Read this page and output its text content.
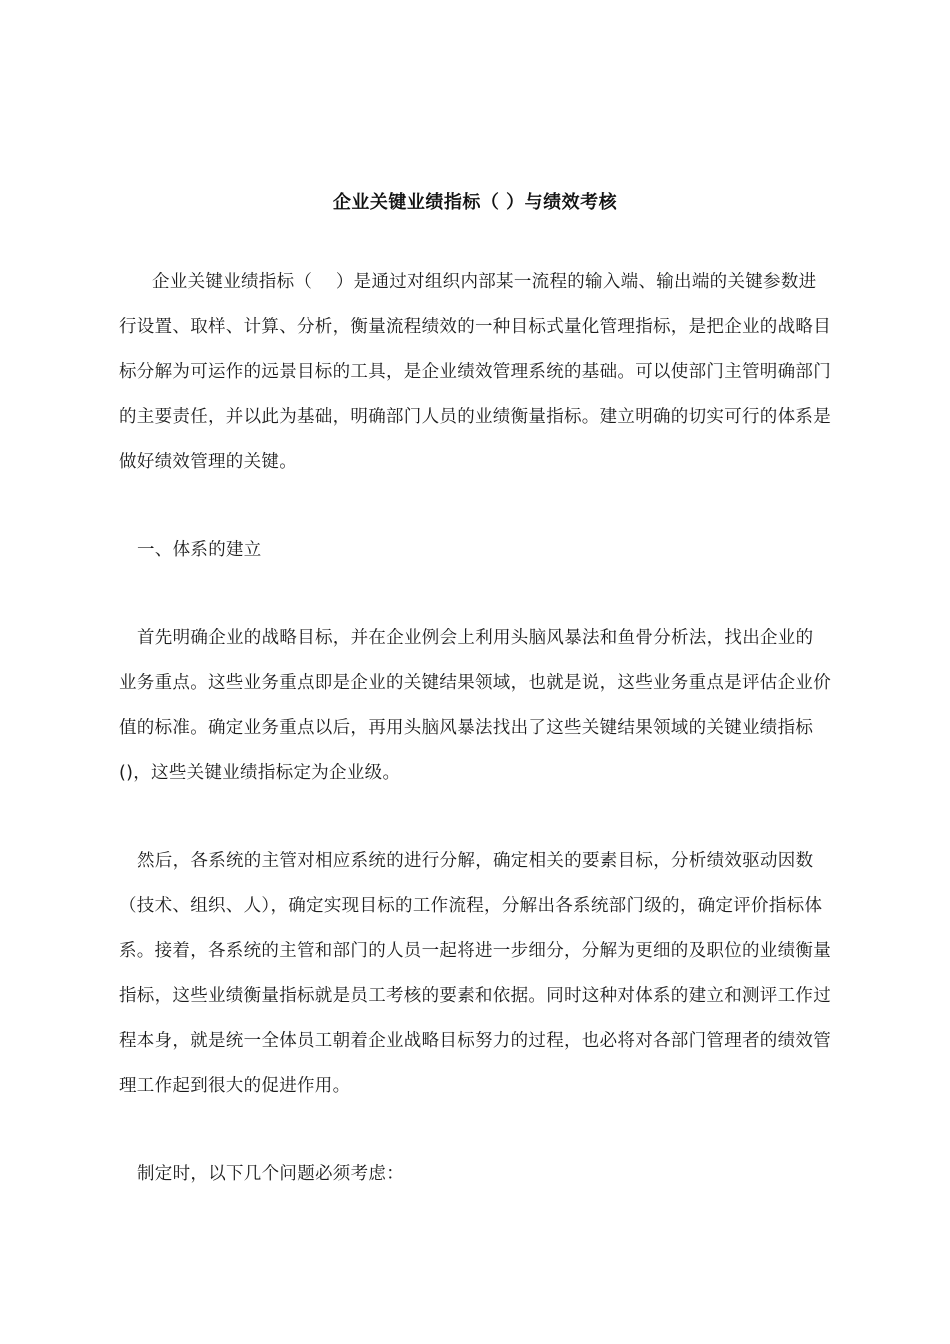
企业关键业绩指标（ ）与绩效考核

企业关键业绩指标（　 ）是通过对组织内部某一流程的输入端、输出端的关键参数进行设置、取样、计算、分析，衡量流程绩效的一种目标式量化管理指标，是把企业的战略目标分解为可运作的远景目标的工具，是企业绩效管理系统的基础。可以使部门主管明确部门的主要责任，并以此为基础，明确部门人员的业绩衡量指标。建立明确的切实可行的体系是做好绩效管理的关键。

一、体系的建立

首先明确企业的战略目标，并在企业例会上利用头脑风暴法和鱼骨分析法，找出企业的业务重点。这些业务重点即是企业的关键结果领域，也就是说，这些业务重点是评估企业价值的标准。确定业务重点以后，再用头脑风暴法找出了这些关键结果领域的关键业绩指标()，这些关键业绩指标定为企业级。

然后，各系统的主管对相应系统的进行分解，确定相关的要素目标，分析绩效驱动因数（技术、组织、人），确定实现目标的工作流程，分解出各系统部门级的，确定评价指标体系。接着，各系统的主管和部门的人员一起将进一步细分，分解为更细的及职位的业绩衡量指标，这些业绩衡量指标就是员工考核的要素和依据。同时这种对体系的建立和测评工作过程本身，就是统一全体员工朝着企业战略目标努力的过程，也必将对各部门管理者的绩效管理工作起到很大的促进作用。

制定时，以下几个问题必须考虑：
